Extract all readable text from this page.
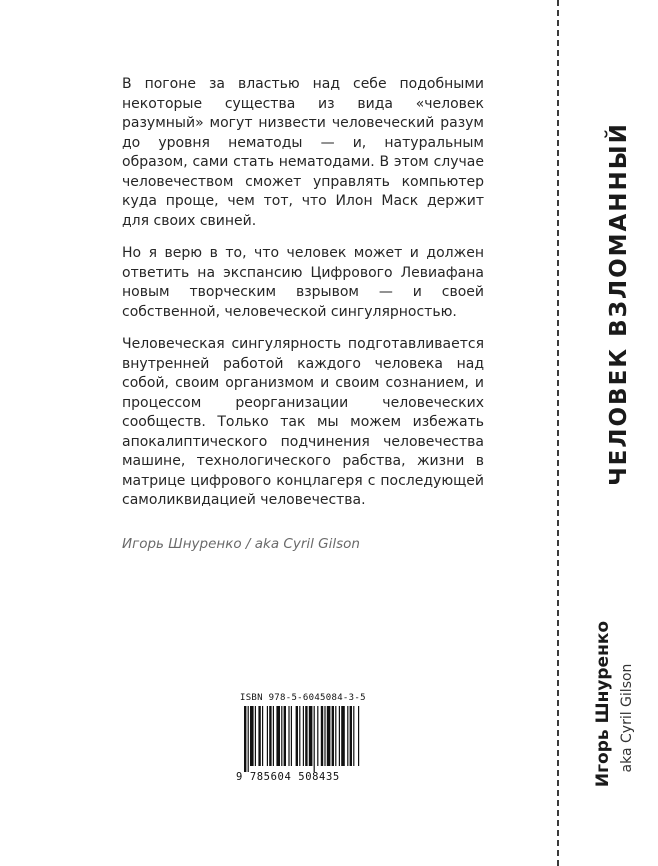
В погоне за властью над себе подобными некоторые существа из вида «человек разумный» могут низвести человеческий разум до уровня нематоды — и, натуральным образом, сами стать нематодами. В этом случае человечеством сможет управлять компьютер куда проще, чем тот, что Илон Маск держит для своих свиней.

Но я верю в то, что человек может и должен ответить на экспансию Цифрового Левиафана новым творческим взрывом — и своей собственной, человеческой сингулярностью.

Человеческая сингулярность подготавливается внутренней работой каждого человека над собой, своим организмом и своим сознанием, и процессом реорганизации человеческих сообществ. Только так мы можем избежать апокалиптического подчинения человечества машине, технологического рабства, жизни в матрице цифрового концлагеря с последующей самоликвидацией человечества.

Игорь Шнуренко / aka Cyril Gilson
ISBN 978-5-6045084-3-5
9 785604 508435
ЧЕЛОВЕК ВЗЛОМАННЫЙ
Игорь Шнуренко aka Cyril Gilson
